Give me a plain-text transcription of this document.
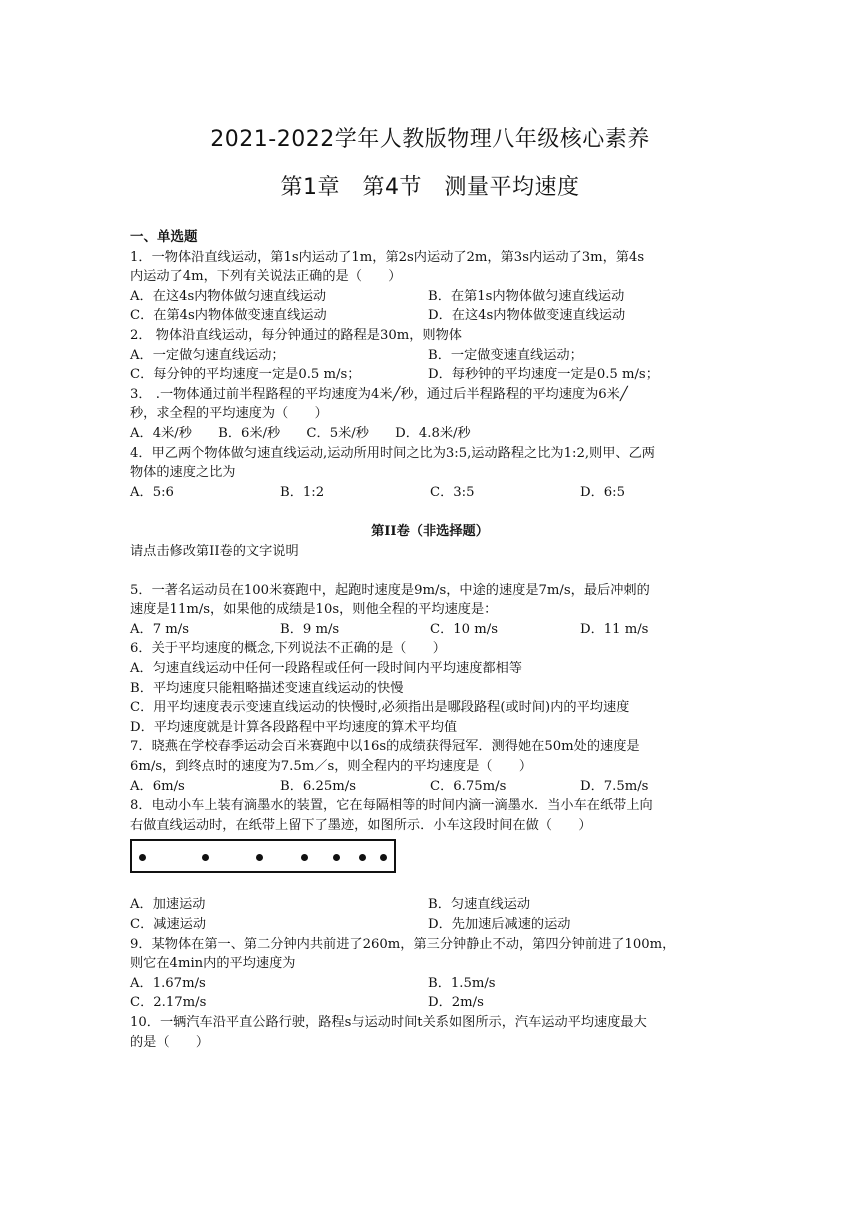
2021-2022学年人教版物理八年级核心素养
第1章　第4节　测量平均速度
一、单选题
1．一物体沿直线运动，第1s内运动了1m，第2s内运动了2m，第3s内运动了3m，第4s
内运动了4m，下列有关说法正确的是（　　）
A．在这4s内物体做匀速直线运动	B．在第1s内物体做匀速直线运动
C．在第4s内物体做变速直线运动	D．在这4s内物体做变速直线运动
2． 物体沿直线运动，每分钟通过的路程是30m，则物体
A．一定做匀速直线运动；	B．一定做变速直线运动；
C．每分钟的平均速度一定是0.5 m/s；	D．每秒钟的平均速度一定是0.5 m/s；
3． .一物体通过前半程路程的平均速度为4米╱秒，通过后半程路程的平均速度为6米╱
秒，求全程的平均速度为（　　）
A．4米/秒 B．6米/秒 C．5米/秒 D．4.8米/秒
4．甲乙两个物体做匀速直线运动,运动所用时间之比为3:5,运动路程之比为1:2,则甲、乙两
物体的速度之比为
A．5:6	B．1:2	C．3:5	D．6:5
第II卷（非选择题）
请点击修改第II卷的文字说明
5．一著名运动员在100米赛跑中，起跑时速度是9m/s，中途的速度是7m/s，最后冲刺的
速度是11m/s，如果他的成绩是10s，则他全程的平均速度是：
A．7 m/s	B．9 m/s	C．10 m/s	D．11 m/s
6．关于平均速度的概念,下列说法不正确的是（　　）
A．匀速直线运动中任何一段路程或任何一段时间内平均速度都相等
B．平均速度只能粗略描述变速直线运动的快慢
C．用平均速度表示变速直线运动的快慢时,必须指出是哪段路程(或时间)内的平均速度
D．平均速度就是计算各段路程中平均速度的算术平均值
7．晓燕在学校春季运动会百米赛跑中以16s的成绩获得冠军．测得她在50m处的速度是
6m/s，到终点时的速度为7.5m／s，则全程内的平均速度是（　　）
A．6m/s	B．6.25m/s	C．6.75m/s	D．7.5m/s
8．电动小车上装有滴墨水的装置，它在每隔相等的时间内滴一滴墨水．当小车在纸带上向
右做直线运动时，在纸带上留下了墨迹，如图所示．小车这段时间在做（　　）
A．加速运动	B．匀速直线运动
C．减速运动	D．先加速后减速的运动
9．某物体在第一、第二分钟内共前进了260m，第三分钟静止不动，第四分钟前进了100m，
则它在4min内的平均速度为
A．1.67m/s	B．1.5m/s
C．2.17m/s	D．2m/s
10．一辆汽车沿平直公路行驶，路程s与运动时间t关系如图所示，汽车运动平均速度最大
的是（　　）
